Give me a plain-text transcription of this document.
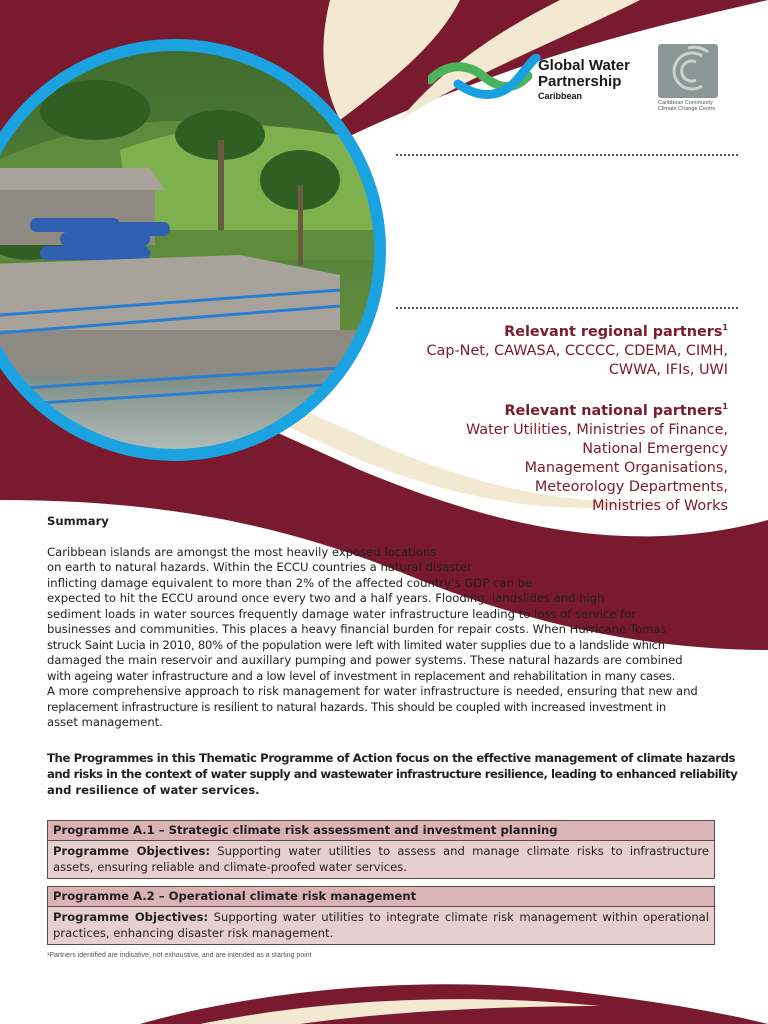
Global Water
Partnership
Caribbean
Caribbean Community
Climate Change Centre
Relevant regional partners$^1$

Cap-Net, CAWASA, CCCCC, CDEMA, CIMH,
CWWA, IFIs, UWI

Relevant national partners$^1$

Water Utilities, Ministries of Finance,
National Emergency
Management Organisations,
Meteorology Departments,
Ministries of Works

Summary
Caribbean islands are amongst the most heavily exposed locations
on earth to natural hazards. Within the ECCU countries a natural disaster
inflicting damage equivalent to more than 2% of the affected country’s GDP can be
expected to hit the ECCU around once every two and a half years. Flooding, landslides and high
sediment loads in water sources frequently damage water infrastructure leading to loss of service for
businesses and communities. This places a heavy financial burden for repair costs. When Hurricane Tomas
struck Saint Lucia in 2010, 80% of the population were left with limited water supplies due to a landslide which
damaged the main reservoir and auxillary pumping and power systems. These natural hazards are combined
with ageing water infrastructure and a low level of investment in replacement and rehabilitation in many cases.
A more comprehensive approach to risk management for water infrastructure is needed, ensuring that new and
replacement infrastructure is resilient to natural hazards. This should be coupled with increased investment in
asset management.
The Programmes in this Thematic Programme of Action focus on the effective management of climate hazards
and risks in the context of water supply and wastewater infrastructure resilience, leading to enhanced reliability
and resilience of water services.
Programme A.1 – Strategic climate risk assessment and investment planning
Programme Objectives: Supporting water utilities to assess and manage climate risks to infrastructure assets, ensuring reliable and climate-proofed water services.
Programme A.2 – Operational climate risk management
Programme Objectives: Supporting water utilities to integrate climate risk management within operational practices, enhancing disaster risk management.
¹Partners identified are indicative, not exhaustive, and are intended as a starting point
